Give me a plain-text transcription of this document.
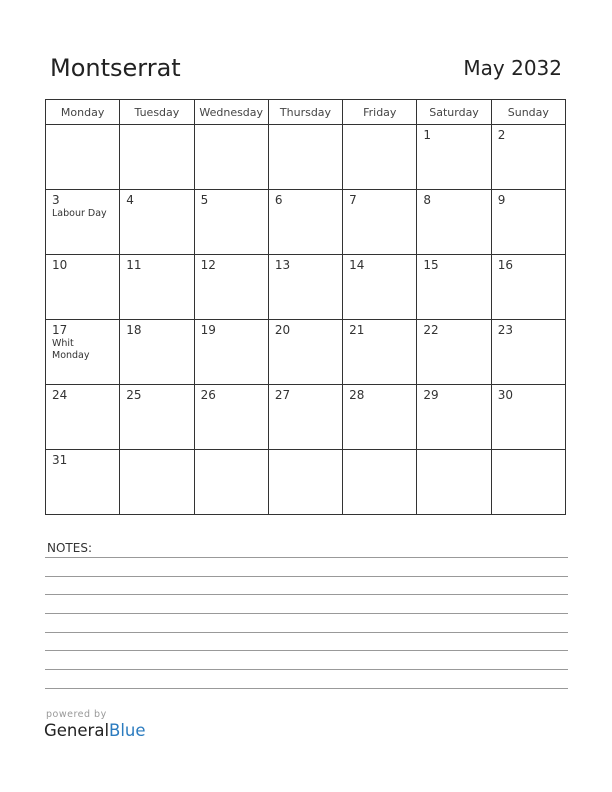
Montserrat	May 2032
Monday	Tuesday	Wednesday	Thursday	Friday	Saturday	Sunday

					1	2

3
Labour Day	4	5	6	7	8	9

10	11	12	13	14	15	16

17
Whit Monday	18	19	20	21	22	23

24	25	26	27	28	29	30

31						

NOTES:
powered by
GeneralBlue
